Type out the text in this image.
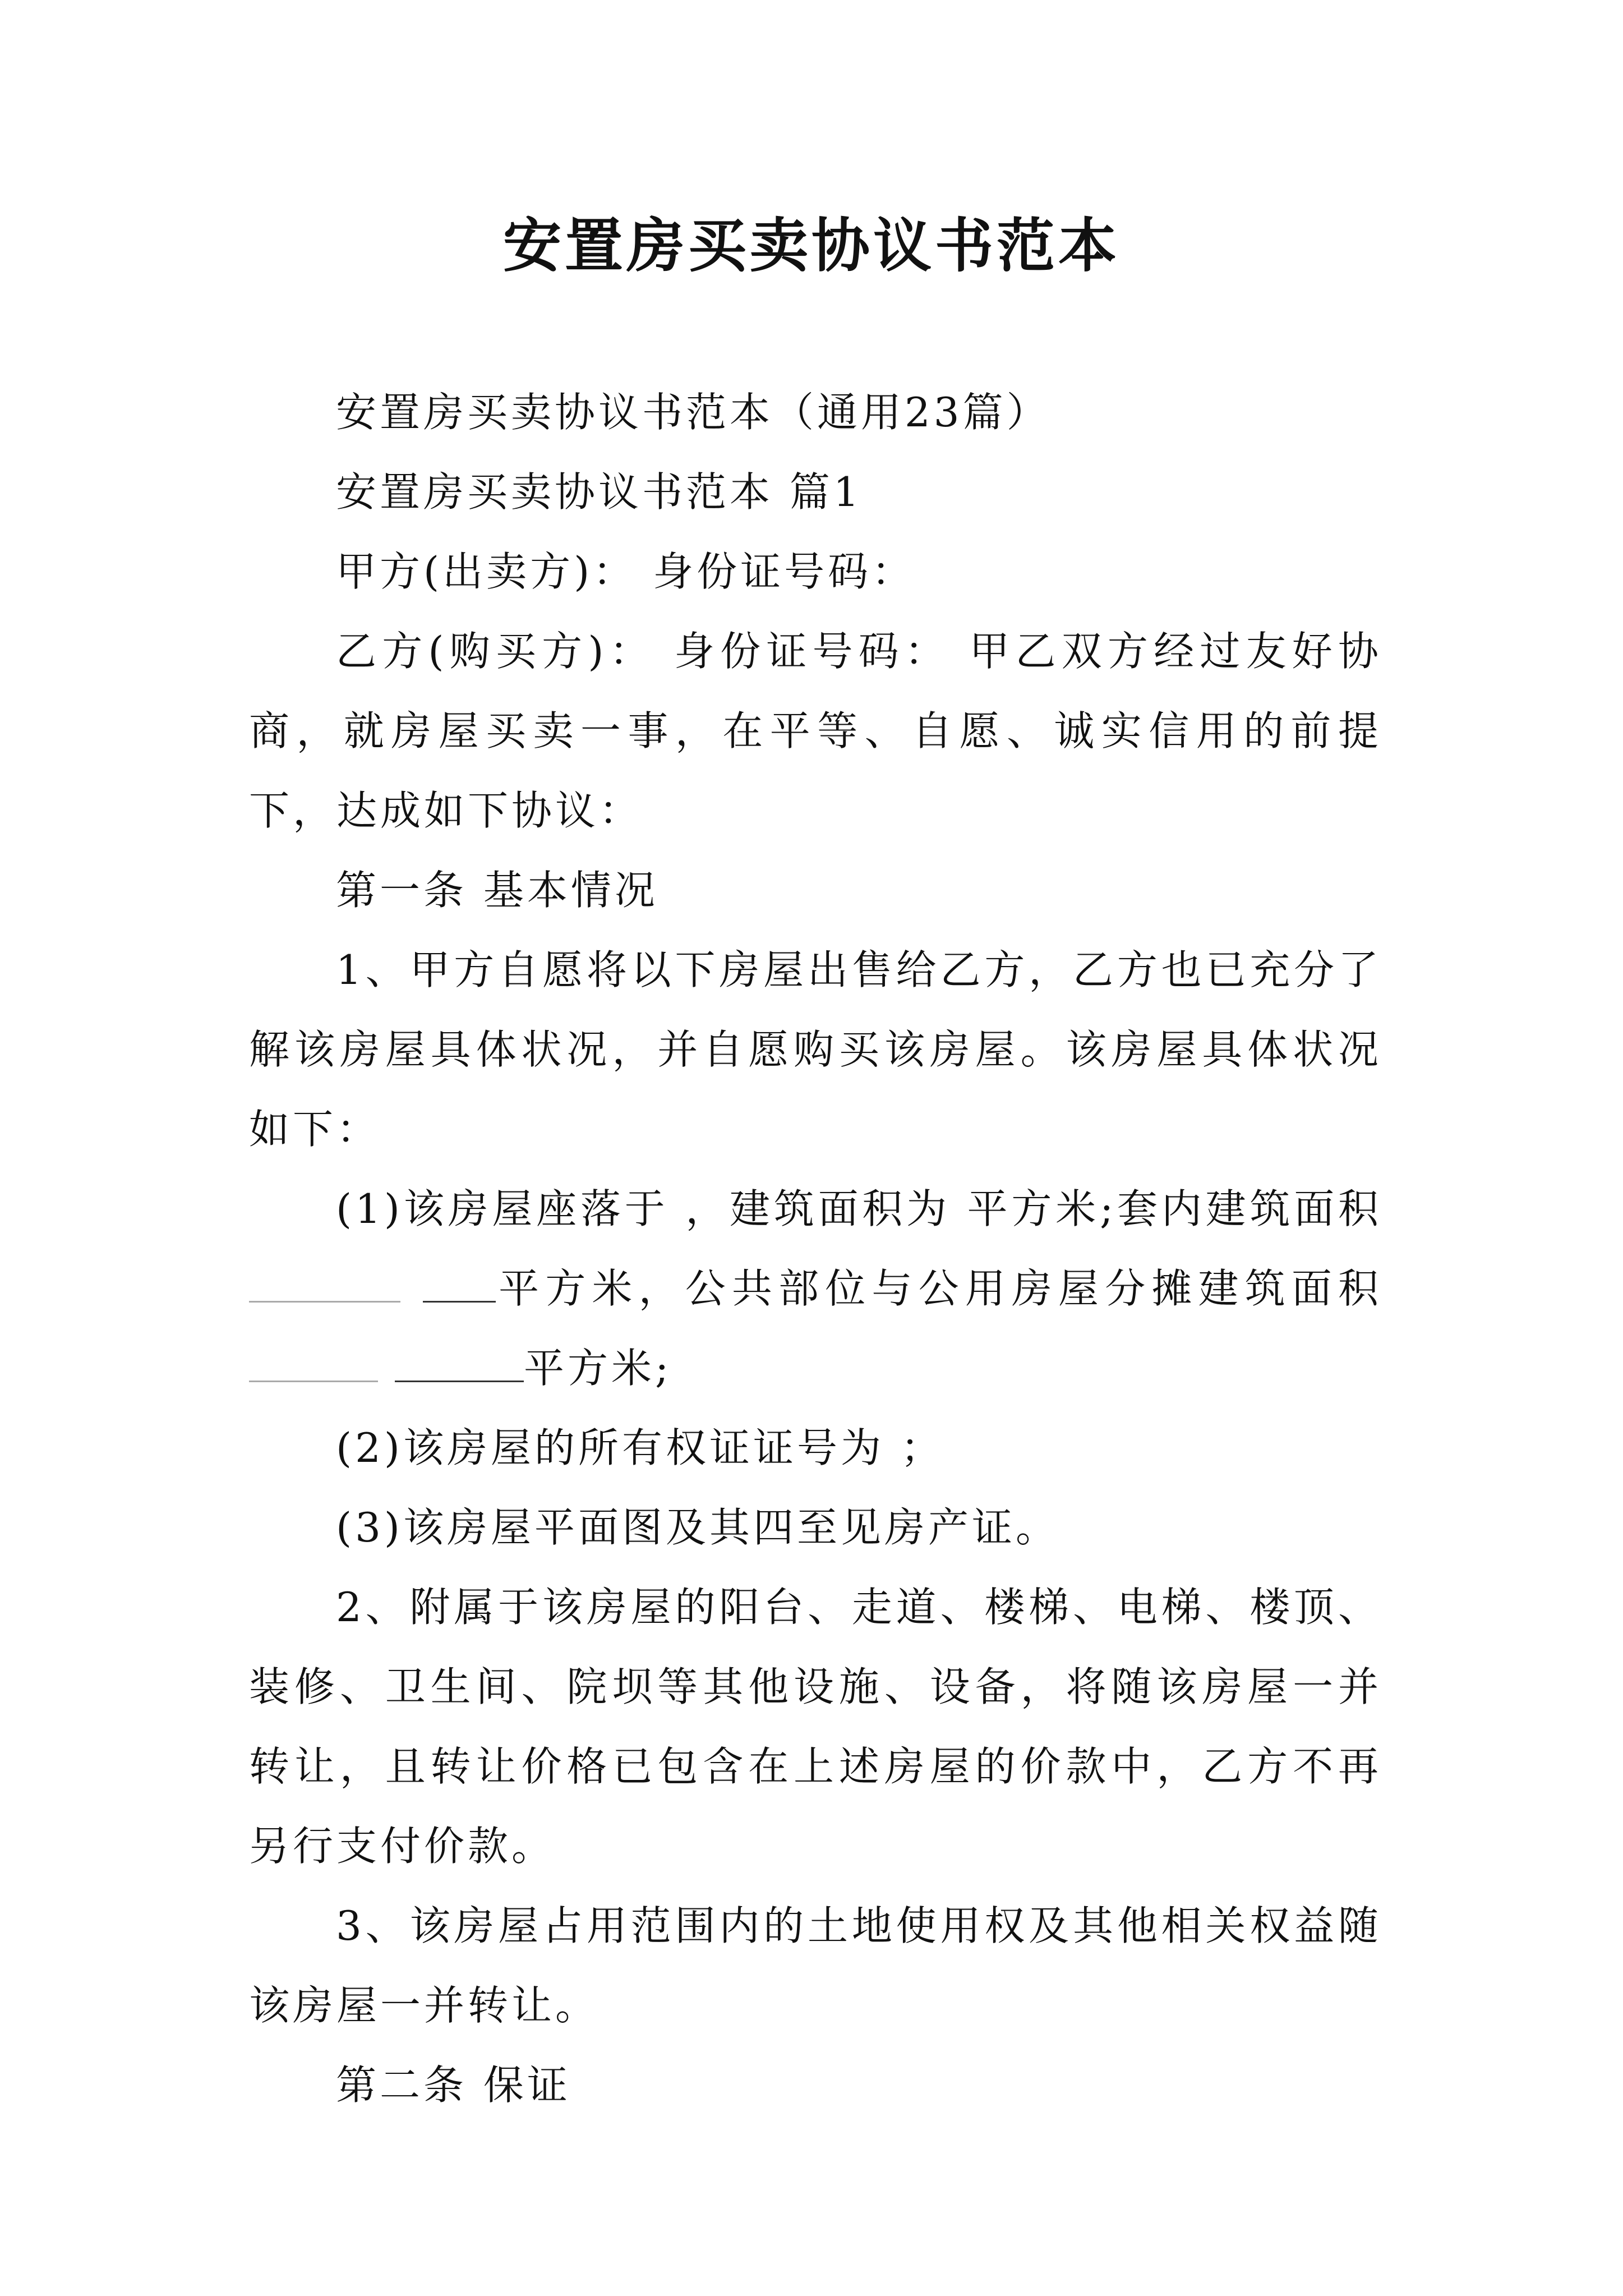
安置房买卖协议书范本

安置房买卖协议书范本（通用23篇）

安置房买卖协议书范本 篇1

甲方(出卖方)： 身份证号码：

乙方(购买方)： 身份证号码： 甲乙双方经过友好协商，就房屋买卖一事，在平等、自愿、诚实信用的前提下，达成如下协议：

第一条 基本情况

1、甲方自愿将以下房屋出售给乙方，乙方也已充分了解该房屋具体状况，并自愿购买该房屋。该房屋具体状况如下：

(1)该房屋座落于 ，建筑面积为 平方米;套内建筑面积平方米，公共部位与公用房屋分摊建筑面积平方米;

(2)该房屋的所有权证证号为 ；

(3)该房屋平面图及其四至见房产证。

2、附属于该房屋的阳台、走道、楼梯、电梯、楼顶、装修、卫生间、院坝等其他设施、设备，将随该房屋一并转让，且转让价格已包含在上述房屋的价款中，乙方不再另行支付价款。

3、该房屋占用范围内的土地使用权及其他相关权益随该房屋一并转让。

第二条 保证
